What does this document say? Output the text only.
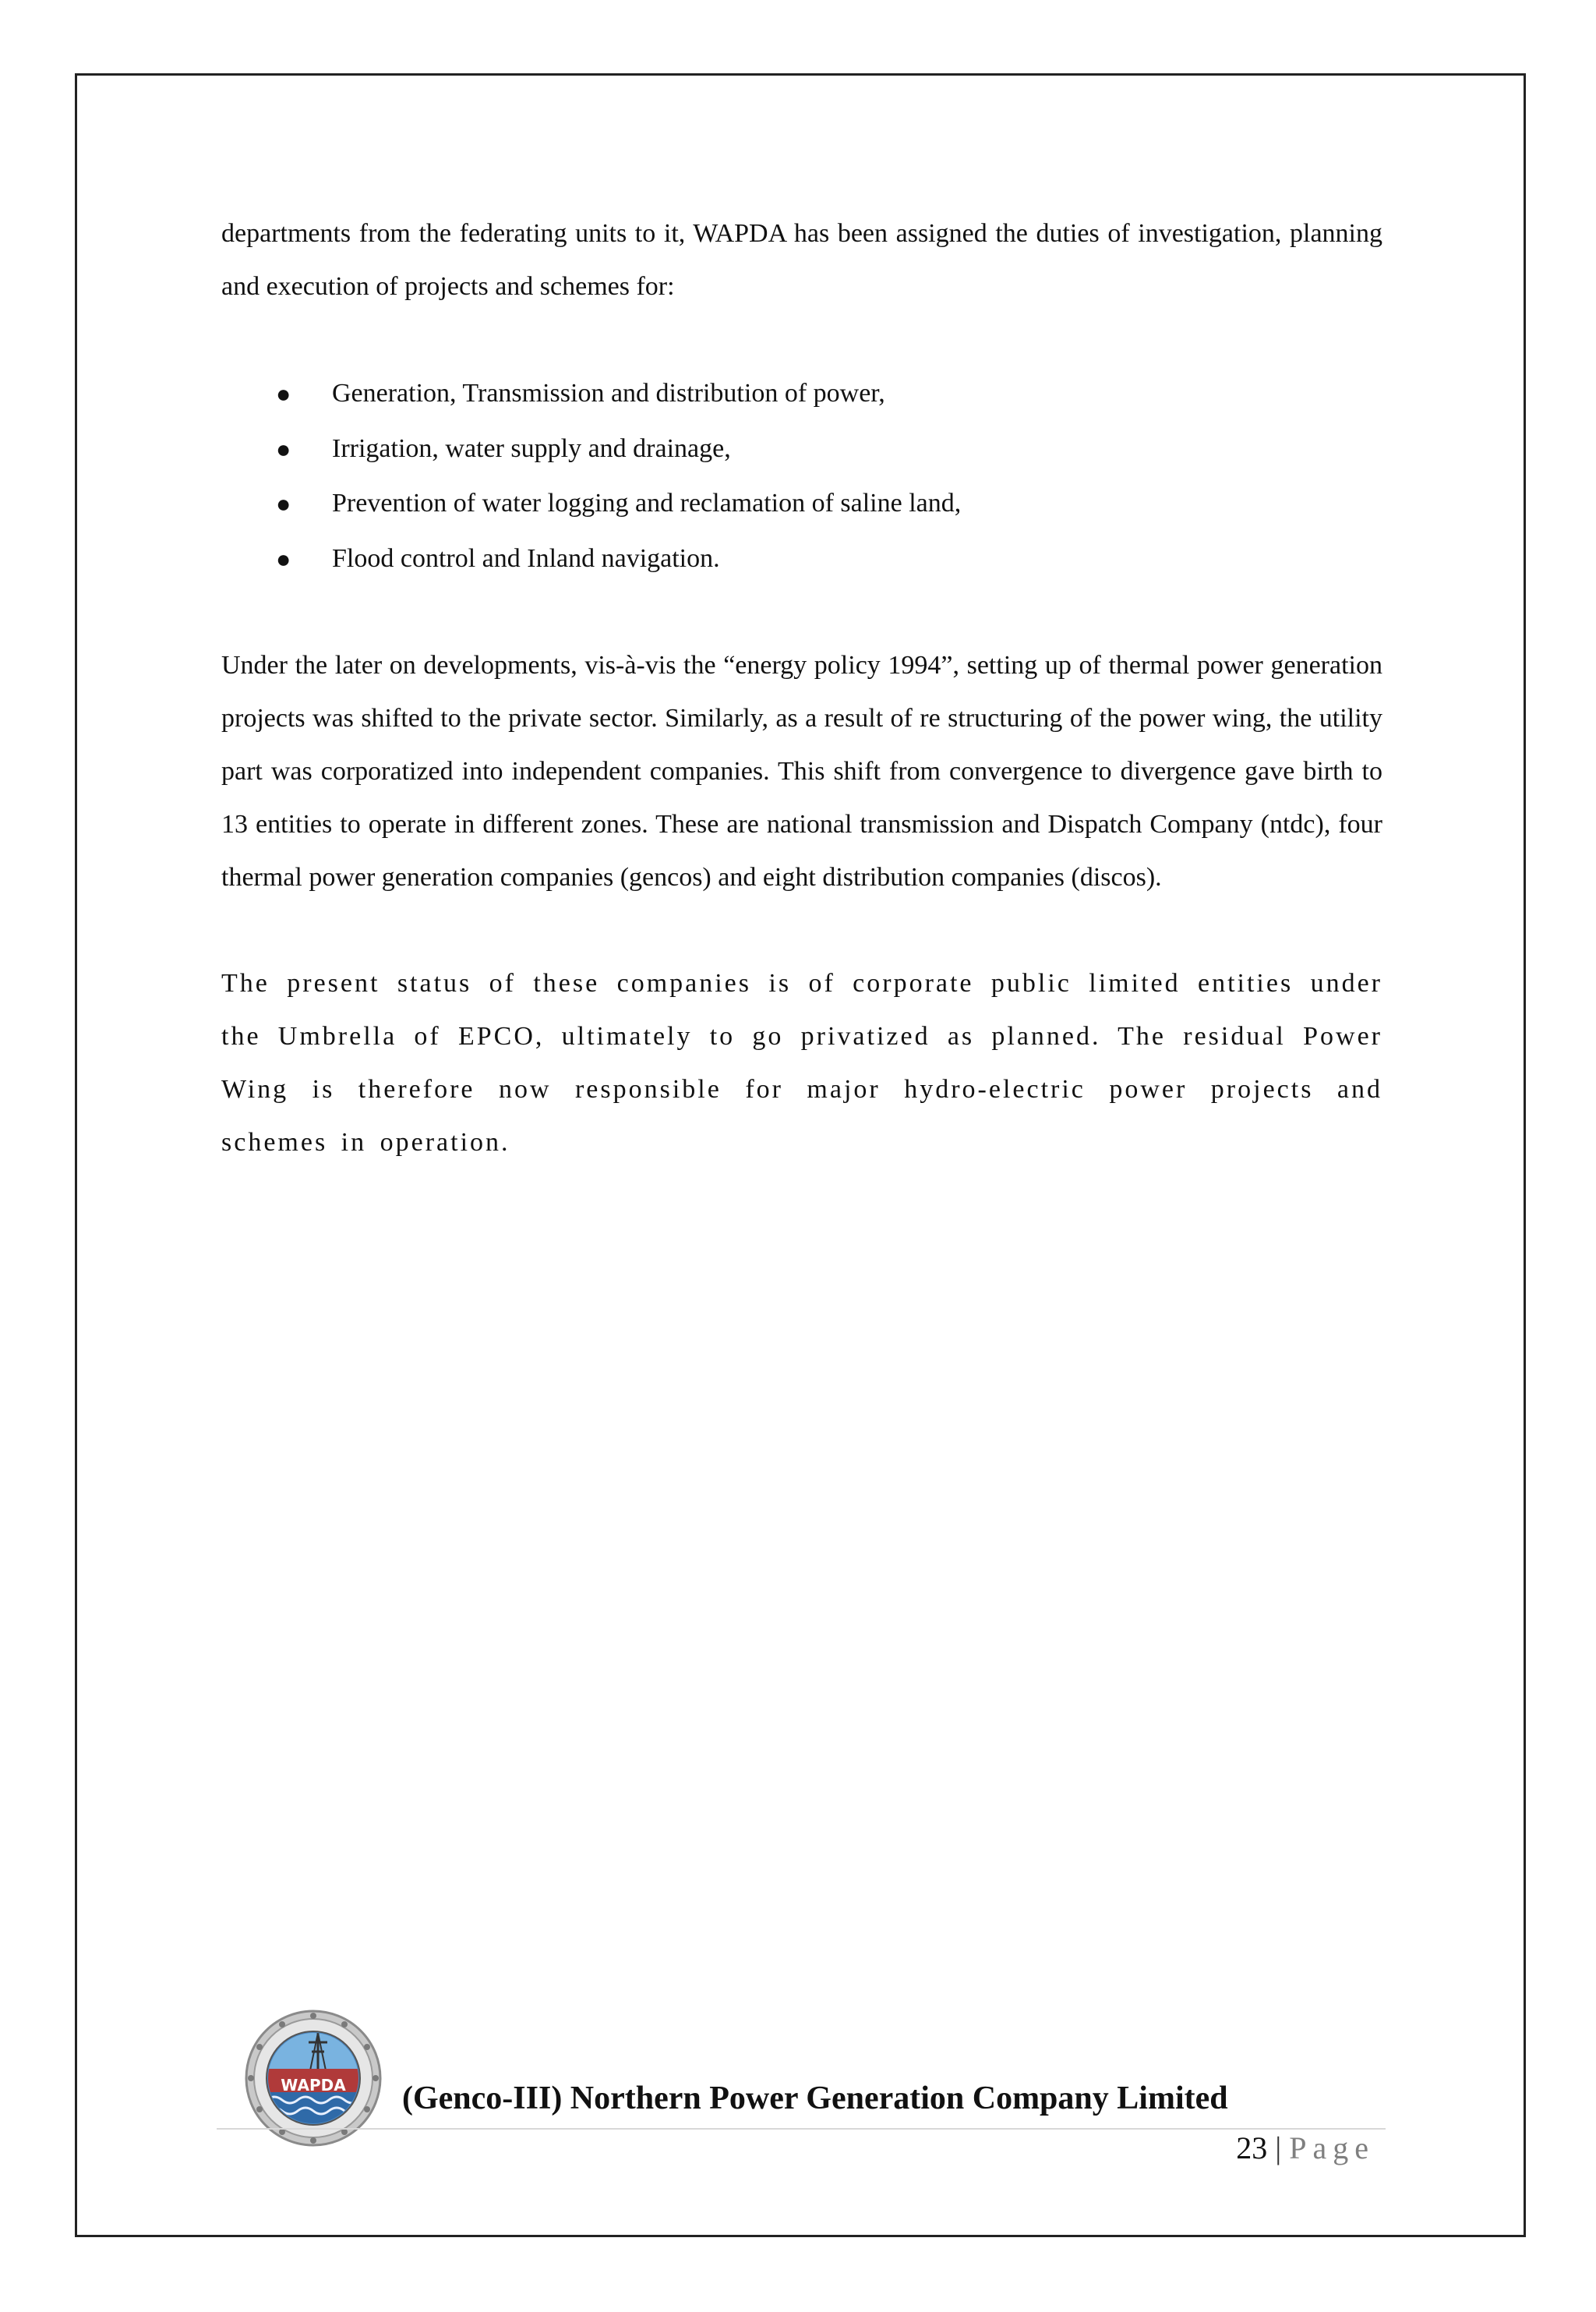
departments from the federating units to it, WAPDA has been assigned the duties of investigation, planning and execution of projects and schemes for:

● Generation, Transmission and distribution of power,
● Irrigation, water supply and drainage,
● Prevention of water logging and reclamation of saline land,
● Flood control and Inland navigation.

Under the later on developments, vis-à-vis the “energy policy 1994”, setting up of thermal power generation projects was shifted to the private sector. Similarly, as a result of re structuring of the power wing, the utility part was corporatized into independent companies. This shift from convergence to divergence gave birth to 13 entities to operate in different zones. These are national transmission and Dispatch Company (ntdc), four thermal power generation companies (gencos) and eight distribution companies (discos).

The present status of these companies is of corporate public limited entities under the Umbrella of EPCO, ultimately to go privatized as planned. The residual Power Wing is therefore now responsible for major hydro-electric power projects and schemes in operation.

WAPDA (Genco-III) Northern Power Generation Company Limited
23 | Page
